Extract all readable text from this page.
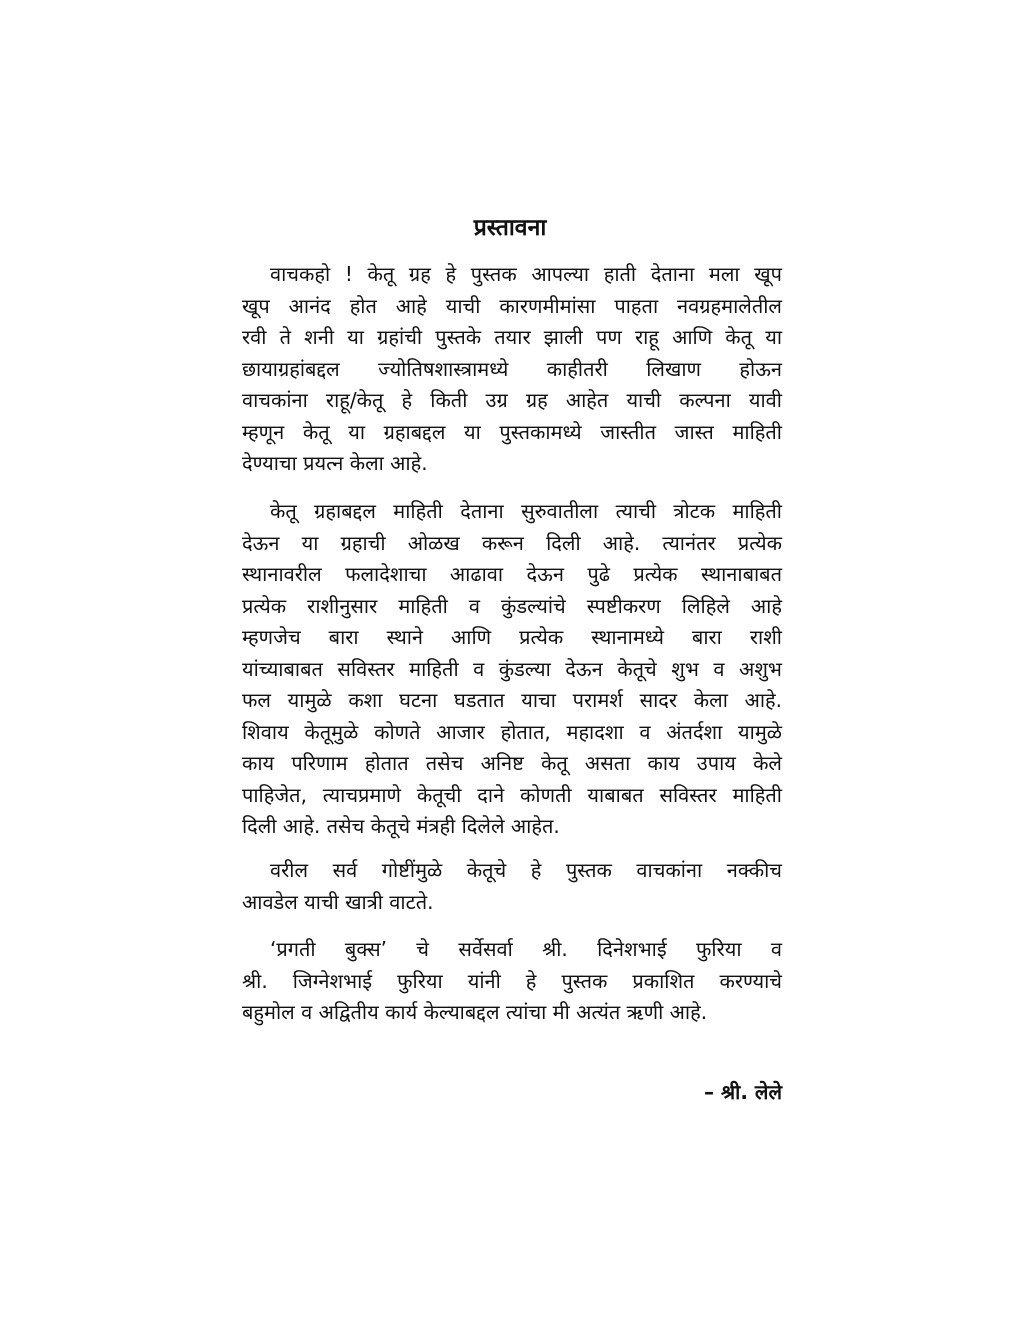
प्रस्तावना
वाचकहो ! केतू ग्रह हे पुस्तक आपल्या हाती देताना मला खूप
खूप आनंद होत आहे याची कारणमीमांसा पाहता नवग्रहमालेतील
रवी ते शनी या ग्रहांची पुस्तके तयार झाली पण राहू आणि केतू या
छायाग्रहांबद्दल ज्योतिषशास्त्रामध्ये काहीतरी लिखाण होऊन
वाचकांना राहू/केतू हे किती उग्र ग्रह आहेत याची कल्पना यावी
म्हणून केतू या ग्रहाबद्दल या पुस्तकामध्ये जास्तीत जास्त माहिती
देण्याचा प्रयत्न केला आहे.
केतू ग्रहाबद्दल माहिती देताना सुरुवातीला त्याची त्रोटक माहिती
देऊन या ग्रहाची ओळख करून दिली आहे. त्यानंतर प्रत्येक
स्थानावरील फलादेशाचा आढावा देऊन पुढे प्रत्येक स्थानाबाबत
प्रत्येक राशीनुसार माहिती व कुंडल्यांचे स्पष्टीकरण लिहिले आहे
म्हणजेच बारा स्थाने आणि प्रत्येक स्थानामध्ये बारा राशी
यांच्याबाबत सविस्तर माहिती व कुंडल्या देऊन केतूचे शुभ व अशुभ
फल यामुळे कशा घटना घडतात याचा परामर्श सादर केला आहे.
शिवाय केतूमुळे कोणते आजार होतात, महादशा व अंतर्दशा यामुळे
काय परिणाम होतात तसेच अनिष्ट केतू असता काय उपाय केले
पाहिजेत, त्याचप्रमाणे केतूची दाने कोणती याबाबत सविस्तर माहिती
दिली आहे. तसेच केतूचे मंत्रही दिलेले आहेत.
वरील सर्व गोष्टींमुळे केतूचे हे पुस्तक वाचकांना नक्कीच
आवडेल याची खात्री वाटते.
‘प्रगती बुक्स’ चे सर्वेसर्वा श्री. दिनेशभाई फुरिया व
श्री. जिग्नेशभाई फुरिया यांनी हे पुस्तक प्रकाशित करण्याचे
बहुमोल व अद्वितीय कार्य केल्याबद्दल त्यांचा मी अत्यंत ऋणी आहे.
– श्री. लेले
